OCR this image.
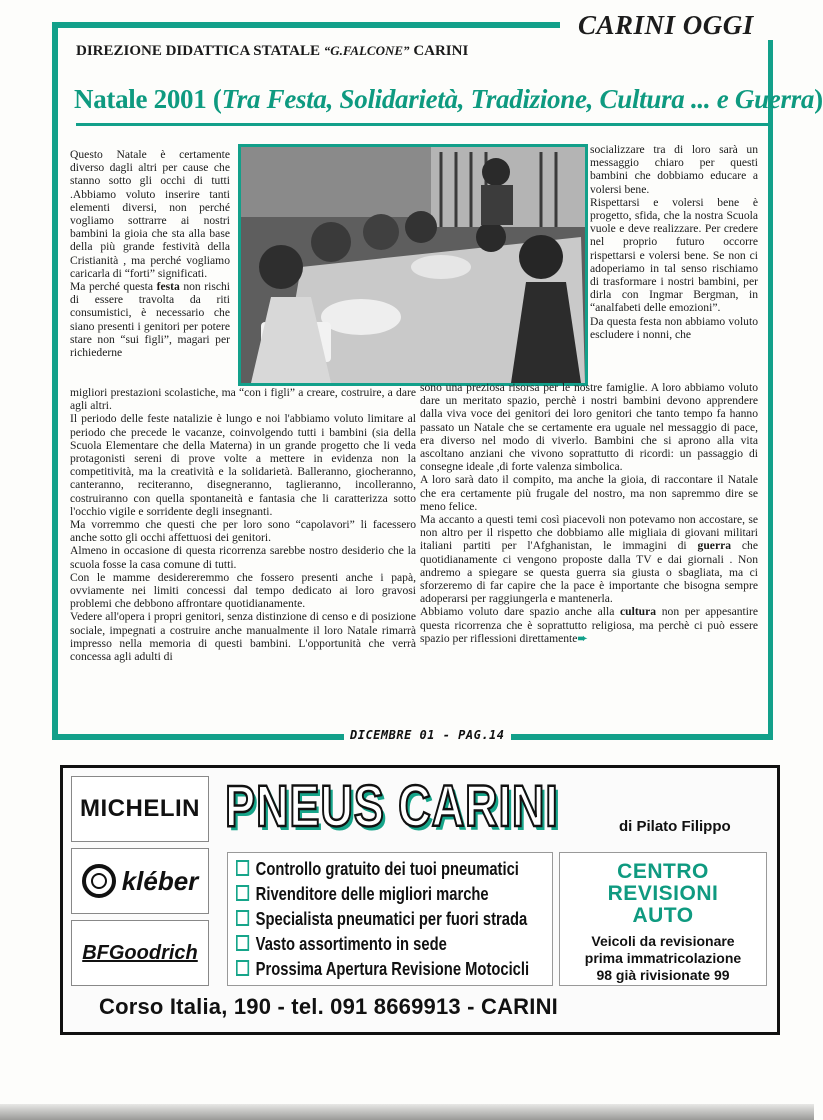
CARINI OGGI
DIREZIONE DIDATTICA STATALE “G.FALCONE” CARINI
Natale 2001 (Tra Festa, Solidarietà, Tradizione, Cultura ... e Guerra)

Questo Natale è certamente diverso dagli altri per cause che stanno sotto gli occhi di tutti .Abbiamo voluto inserire tanti elementi diversi, non perché vogliamo sottrarre ai nostri bambini la gioia che sta alla base della più grande festività della Cristianità , ma perché vogliamo caricarla di “forti” significati.

Ma perché questa festa non rischi di essere travolta da riti consumistici, è necessario che siano presenti i genitori per potere stare non “sui figli”, magari per richiederne

migliori prestazioni scolastiche, ma “con i figli” a creare, costruire, a dare agli altri.

Il periodo delle feste natalizie è lungo e noi l'abbiamo voluto limitare al periodo che precede le vacanze, coinvolgendo tutti i bambini (sia della Scuola Elementare che della Materna) in un grande progetto che li veda protagonisti sereni di prove volte a mettere in evidenza non la competitività, ma la creatività e la solidarietà. Balleranno, giocheranno, canteranno, reciteranno, disegneranno, taglieranno, incolleranno, costruiranno con quella spontaneità e fantasia che li caratterizza sotto l'occhio vigile e sorridente degli insegnanti.

Ma vorremmo che questi che per loro sono “capolavori” li facessero anche sotto gli occhi affettuosi dei genitori.

Almeno in occasione di questa ricorrenza sarebbe nostro desiderio che la scuola fosse la casa comune di tutti.

Con le mamme desidereremmo che fossero presenti anche i papà, ovviamente nei limiti concessi dal tempo dedicato ai loro gravosi problemi che debbono affrontare quotidianamente.

Vedere all'opera i propri genitori, senza distinzione di censo e di posizione sociale, impegnati a costruire anche manualmente il loro Natale rimarrà impresso nella memoria di questi bambini. L'opportunità che verrà concessa agli adulti di

socializzare tra di loro sarà un messaggio chiaro per questi bambini che dobbiamo educare a volersi bene.

Rispettarsi e volersi bene è progetto, sfida, che la nostra Scuola vuole e deve realizzare. Per credere nel proprio futuro occorre rispettarsi e volersi bene. Se non ci adoperiamo in tal senso rischiamo di trasformare i nostri bambini, per dirla con Ingmar Bergman, in “analfabeti delle emozioni”.

Da questa festa non abbiamo voluto escludere i nonni, che

sono una preziosa risorsa per le nostre famiglie. A loro abbiamo voluto dare un meritato spazio, perchè i nostri bambini devono apprendere dalla viva voce dei genitori dei loro genitori che tanto tempo fa hanno passato un Natale che se certamente era uguale nel messaggio di pace, era diverso nel modo di viverlo. Bambini che si aprono alla vita ascoltano anziani che vivono soprattutto di ricordi: un passaggio di consegne ideale ,di forte valenza simbolica.

A loro sarà dato il compito, ma anche la gioia, di raccontare il Natale che era certamente più frugale del nostro, ma non sapremmo dire se meno felice.

Ma accanto a questi temi così piacevoli non potevamo non accostare, se non altro per il rispetto che dobbiamo alle migliaia di giovani militari italiani partiti per l'Afghanistan, le immagini di guerra che quotidianamente ci vengono proposte dalla TV e dai giornali . Non andremo a spiegare se questa guerra sia giusta o sbagliata, ma ci sforzeremo di far capire che la pace è importante che bisogna sempre adoperarsi per raggiungerla e mantenerla.

Abbiamo voluto dare spazio anche alla cultura non per appesantire questa ricorrenza che è soprattutto religiosa, ma perchè ci può essere spazio per riflessioni direttamente➨

DICEMBRE 01 - PAG.14
MICHELIN
kléber
BFGoodrich
PNEUS CARINI	di Pilato Filippo
Controllo gratuito dei tuoi pneumatici
Rivenditore delle migliori marche
Specialista pneumatici per fuori strada
Vasto assortimento in sede
Prossima Apertura Revisione Motocicli
CENTRO
REVISIONI
AUTO
Veicoli da revisionare
prima immatricolazione
98 già rivisionate 99
Corso Italia, 190 - tel. 091 8669913 - CARINI
